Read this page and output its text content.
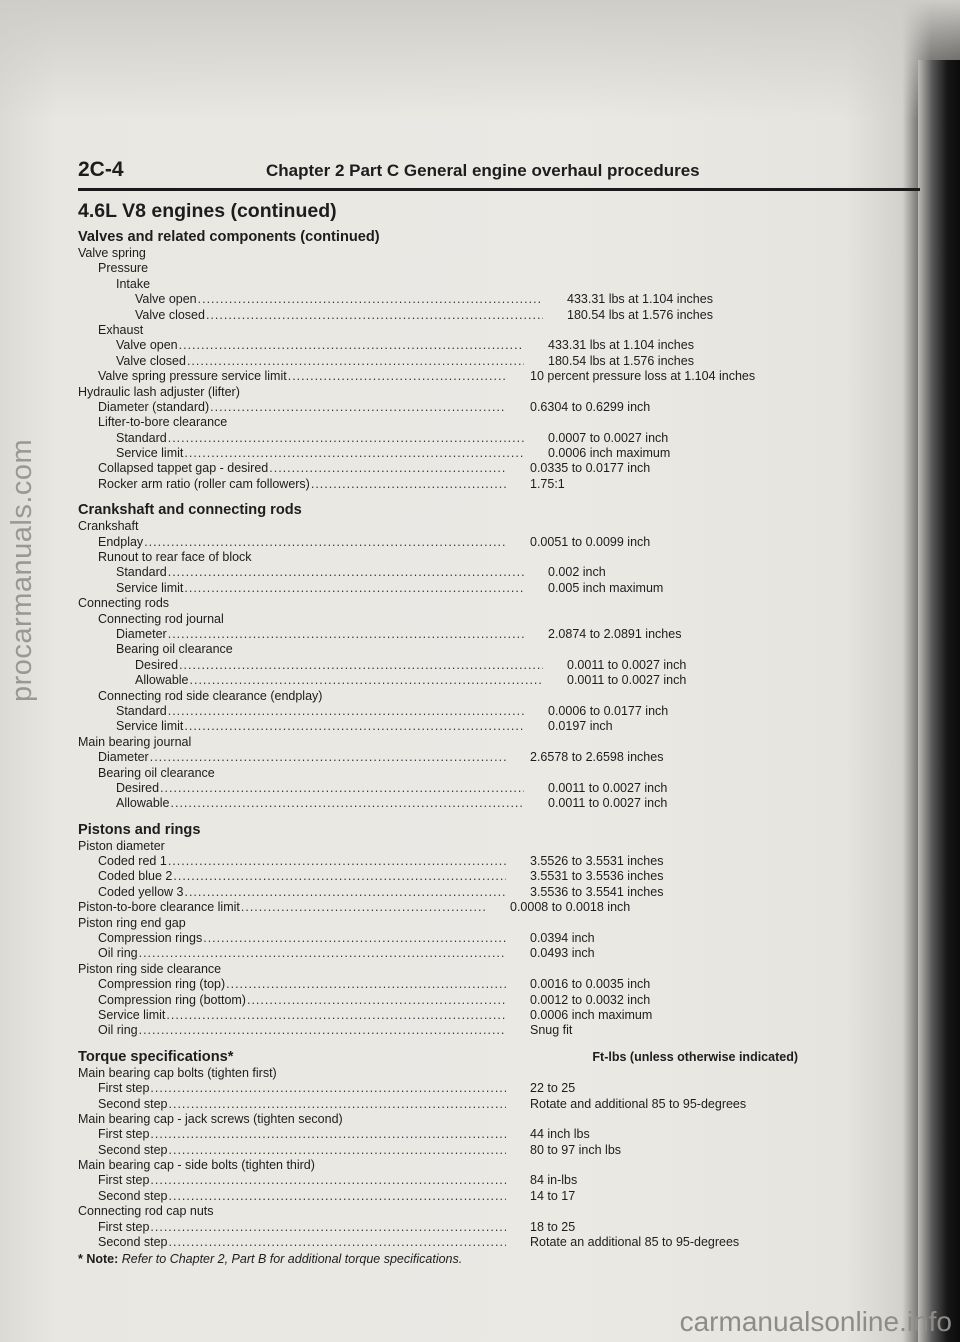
2C-4	Chapter 2 Part C General engine overhaul procedures
4.6L V8 engines (continued)
Valves and related components (continued)
Valve spring
Pressure
Intake
Valve open .....	433.31 lbs at 1.104 inches
Valve closed .....	180.54 lbs at 1.576 inches
Exhaust
Valve open .....	433.31 lbs at 1.104 inches
Valve closed .....	180.54 lbs at 1.576 inches
Valve spring pressure service limit .....	10 percent pressure loss at 1.104 inches
Hydraulic lash adjuster (lifter)
Diameter (standard) .....	0.6304 to 0.6299 inch
Lifter-to-bore clearance
Standard .....	0.0007 to 0.0027 inch
Service limit .....	0.0006 inch maximum
Collapsed tappet gap - desired .....	0.0335 to 0.0177 inch
Rocker arm ratio (roller cam followers) .....	1.75:1
Crankshaft and connecting rods
Crankshaft
Endplay .....	0.0051 to 0.0099 inch
Runout to rear face of block
Standard .....	0.002 inch
Service limit .....	0.005 inch maximum
Connecting rods
Connecting rod journal
Diameter .....	2.0874 to 2.0891 inches
Bearing oil clearance
Desired .....	0.0011 to 0.0027 inch
Allowable .....	0.0011 to 0.0027 inch
Connecting rod side clearance (endplay)
Standard .....	0.0006 to 0.0177 inch
Service limit .....	0.0197 inch
Main bearing journal
Diameter .....	2.6578 to 2.6598 inches
Bearing oil clearance
Desired .....	0.0011 to 0.0027 inch
Allowable .....	0.0011 to 0.0027 inch
Pistons and rings
Piston diameter
Coded red 1 .....	3.5526 to 3.5531 inches
Coded blue 2 .....	3.5531 to 3.5536 inches
Coded yellow 3 .....	3.5536 to 3.5541 inches
Piston-to-bore clearance limit .....	0.0008 to 0.0018 inch
Piston ring end gap
Compression rings .....	0.0394 inch
Oil ring .....	0.0493 inch
Piston ring side clearance
Compression ring (top) .....	0.0016 to 0.0035 inch
Compression ring (bottom) .....	0.0012 to 0.0032 inch
Service limit .....	0.0006 inch maximum
Oil ring .....	Snug fit
Torque specifications*	Ft-lbs (unless otherwise indicated)
Main bearing cap bolts (tighten first)
First step .....	22 to 25
Second step .....	Rotate and additional 85 to 95-degrees
Main bearing cap - jack screws (tighten second)
First step .....	44 inch lbs
Second step .....	80 to 97 inch lbs
Main bearing cap - side bolts (tighten third)
First step .....	84 in-lbs
Second step .....	14 to 17
Connecting rod cap nuts
First step .....	18 to 25
Second step .....	Rotate an additional 85 to 95-degrees
* Note: Refer to Chapter 2, Part B for additional torque specifications.
procarmanuals.com
carmanualsonline.info
